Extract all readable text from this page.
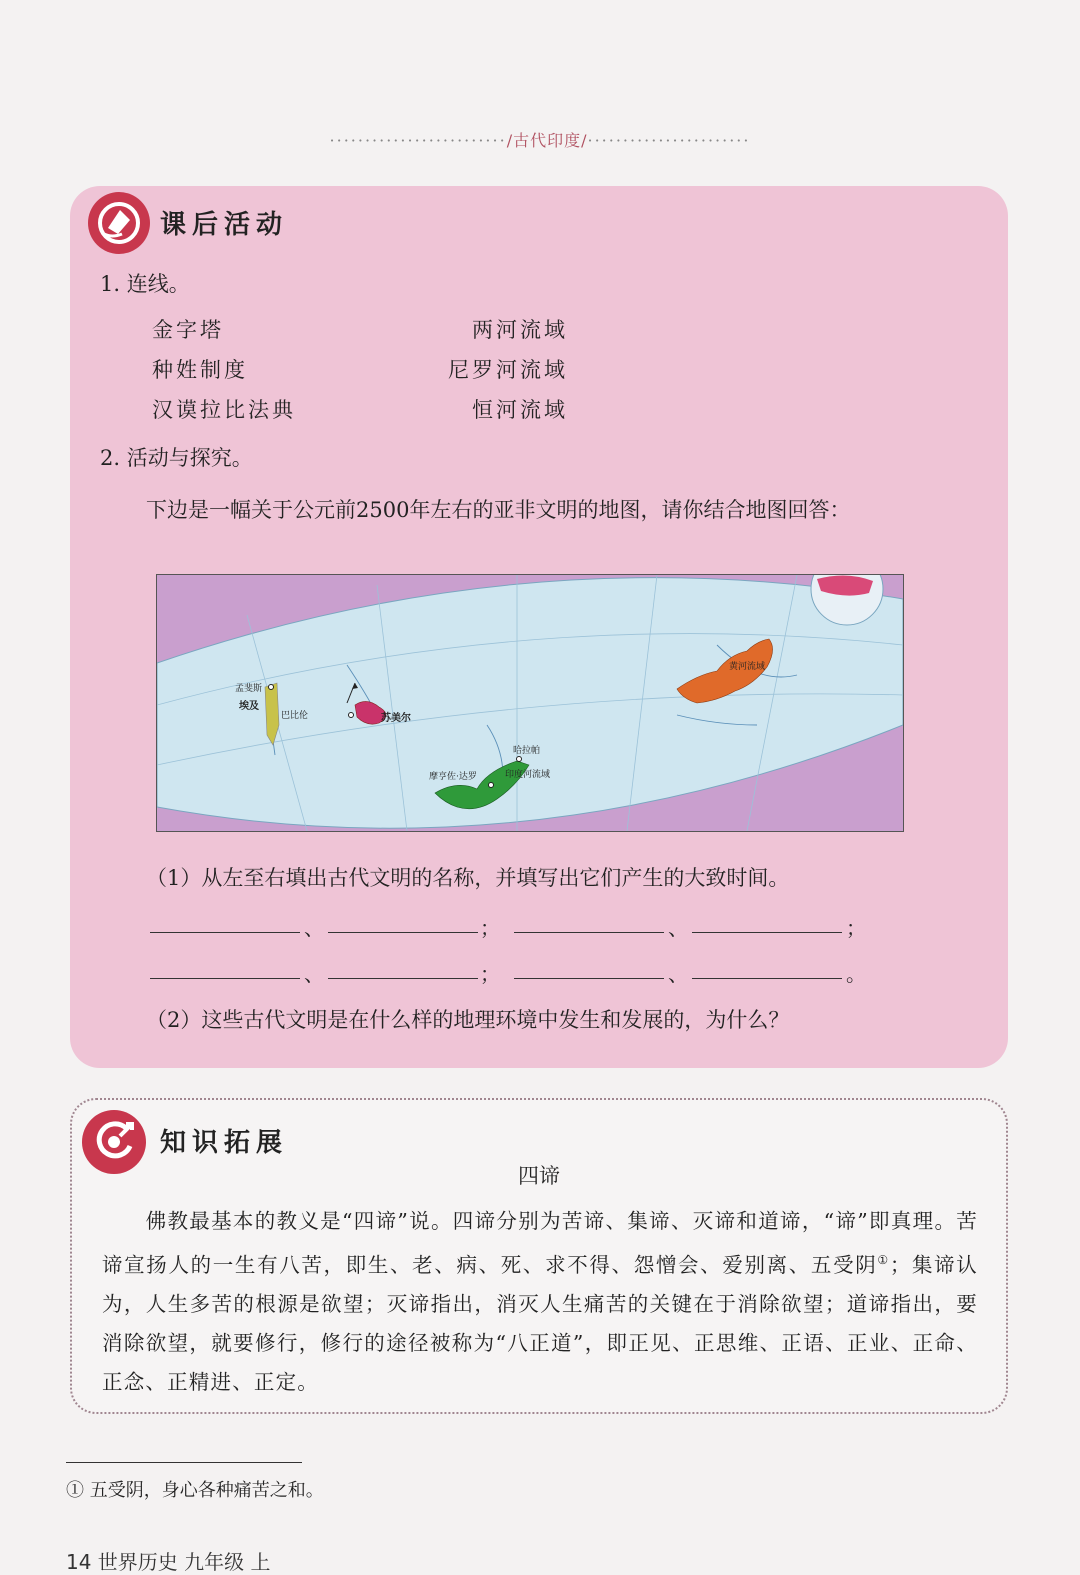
·························/古代印度/·······················
课后活动
1. 连线。
金字塔
种姓制度
汉谟拉比法典
两河流域
尼罗河流域
恒河流域
2. 活动与探究。
下边是一幅关于公元前2500年左右的亚非文明的地图，请你结合地图回答：
孟斐斯
埃及
巴比伦	苏美尔
哈拉帕
摩亨佐·达罗	印度河流域
黄河流域
（1）从左至右填出古代文明的名称，并填写出它们产生的大致时间。
、	；	、	；
、	；	、	。
（2）这些古代文明是在什么样的地理环境中发生和发展的，为什么？
知识拓展
四谛
　　佛教最基本的教义是“四谛”说。四谛分别为苦谛、集谛、灭谛和道谛，“谛”即真理。苦谛宣扬人的一生有八苦，即生、老、病、死、求不得、怨憎会、爱别离、五受阴①；集谛认为，人生多苦的根源是欲望；灭谛指出，消灭人生痛苦的关键在于消除欲望；道谛指出，要消除欲望，就要修行，修行的途径被称为“八正道”，即正见、正思维、正语、正业、正命、正念、正精进、正定。
① 五受阴，身心各种痛苦之和。
14 世界历史 九年级 上
